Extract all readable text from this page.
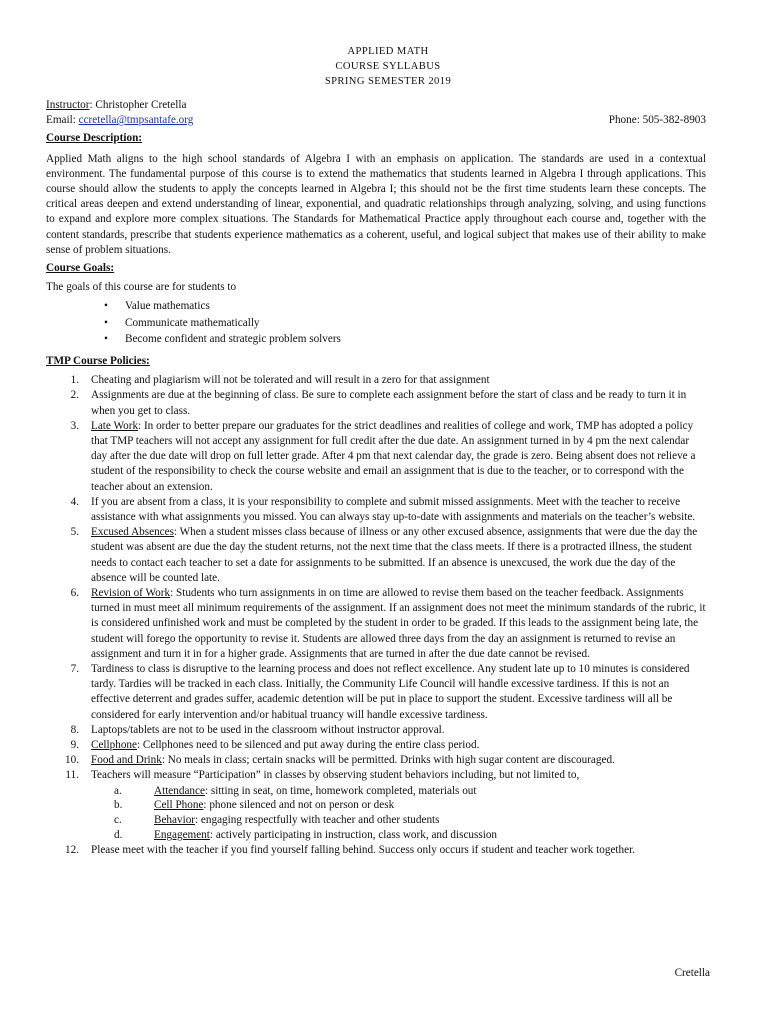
APPLIED MATH
COURSE SYLLABUS
SPRING SEMESTER 2019
Instructor: Christopher Cretella
Email: ccretella@tmpsantafe.org	Phone: 505-382-8903
Course Description:
Applied Math aligns to the high school standards of Algebra I with an emphasis on application. The standards are used in a contextual environment. The fundamental purpose of this course is to extend the mathematics that students learned in Algebra I through applications. This course should allow the students to apply the concepts learned in Algebra I; this should not be the first time students learn these concepts. The critical areas deepen and extend understanding of linear, exponential, and quadratic relationships through analyzing, solving, and using functions to expand and explore more complex situations. The Standards for Mathematical Practice apply throughout each course and, together with the content standards, prescribe that students experience mathematics as a coherent, useful, and logical subject that makes use of their ability to make sense of problem situations.
Course Goals:
The goals of this course are for students to
• Value mathematics
• Communicate mathematically
• Become confident and strategic problem solvers
TMP Course Policies:
1. Cheating and plagiarism will not be tolerated and will result in a zero for that assignment
2. Assignments are due at the beginning of class. Be sure to complete each assignment before the start of class and be ready to turn it in when you get to class.
3. Late Work: In order to better prepare our graduates for the strict deadlines and realities of college and work, TMP has adopted a policy that TMP teachers will not accept any assignment for full credit after the due date. An assignment turned in by 4 pm the next calendar day after the due date will drop on full letter grade. After 4 pm that next calendar day, the grade is zero. Being absent does not relieve a student of the responsibility to check the course website and email an assignment that is due to the teacher, or to correspond with the teacher about an extension.
4. If you are absent from a class, it is your responsibility to complete and submit missed assignments. Meet with the teacher to receive assistance with what assignments you missed. You can always stay up-to-date with assignments and materials on the teacher’s website.
5. Excused Absences: When a student misses class because of illness or any other excused absence, assignments that were due the day the student was absent are due the day the student returns, not the next time that the class meets. If there is a protracted illness, the student needs to contact each teacher to set a date for assignments to be submitted. If an absence is unexcused, the work due the day of the absence will be counted late.
6. Revision of Work: Students who turn assignments in on time are allowed to revise them based on the teacher feedback. Assignments turned in must meet all minimum requirements of the assignment. If an assignment does not meet the minimum standards of the rubric, it is considered unfinished work and must be completed by the student in order to be graded. If this leads to the assignment being late, the student will forego the opportunity to revise it. Students are allowed three days from the day an assignment is returned to revise an assignment and turn it in for a higher grade. Assignments that are turned in after the due date cannot be revised.
7. Tardiness to class is disruptive to the learning process and does not reflect excellence. Any student late up to 10 minutes is considered tardy. Tardies will be tracked in each class. Initially, the Community Life Council will handle excessive tardiness. If this is not an effective deterrent and grades suffer, academic detention will be put in place to support the student. Excessive tardiness will all be considered for early intervention and/or habitual truancy will handle excessive tardiness.
8. Laptops/tablets are not to be used in the classroom without instructor approval.
9. Cellphone: Cellphones need to be silenced and put away during the entire class period.
10. Food and Drink: No meals in class; certain snacks will be permitted. Drinks with high sugar content are discouraged.
11. Teachers will measure “Participation” in classes by observing student behaviors including, but not limited to,
a.	Attendance: sitting in seat, on time, homework completed, materials out
b.	Cell Phone: phone silenced and not on person or desk
c.	Behavior: engaging respectfully with teacher and other students
d.	Engagement: actively participating in instruction, class work, and discussion
12. Please meet with the teacher if you find yourself falling behind. Success only occurs if student and teacher work together.
Cretella
